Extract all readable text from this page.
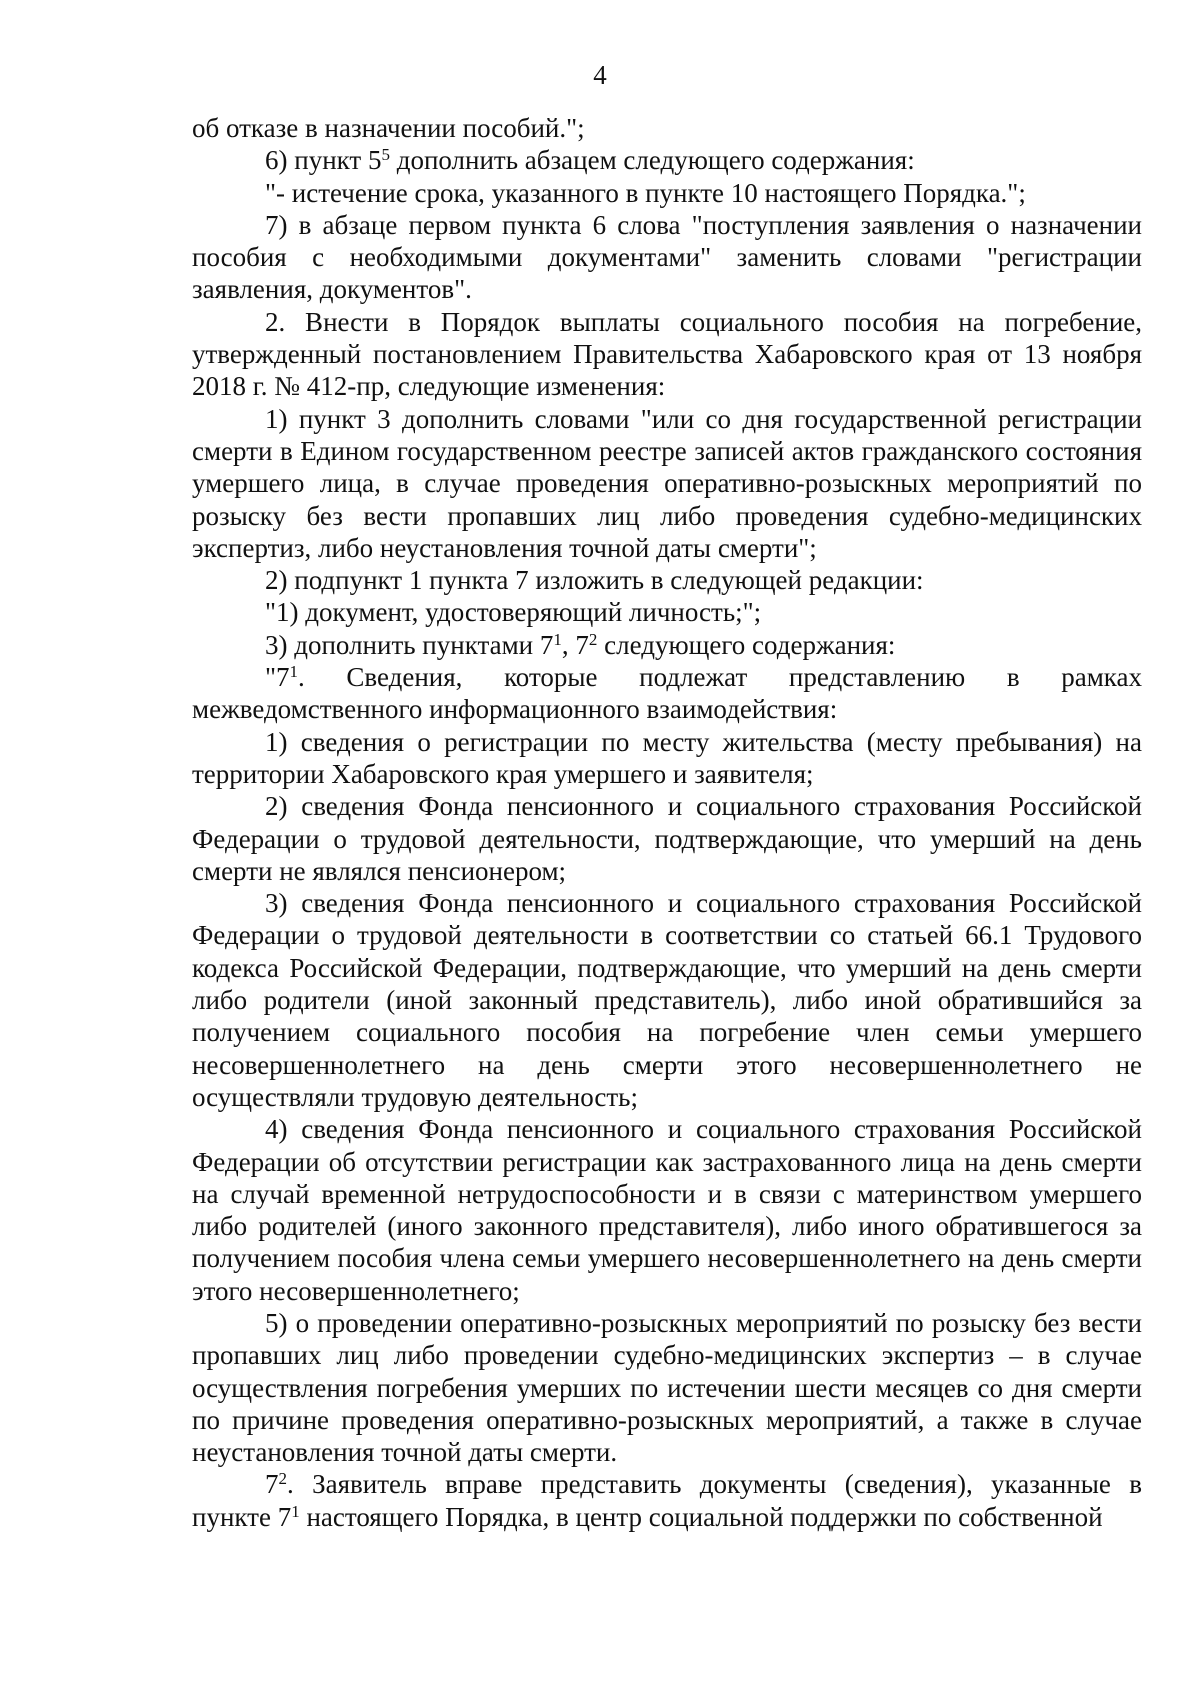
4

об отказе в назначении пособий.";

6) пункт $5^5$ дополнить абзацем следующего содержания:

"- истечение срока, указанного в пункте 10 настоящего Порядка.";

7) в абзаце первом пункта 6 слова "поступления заявления о назначении пособия с необходимыми документами" заменить словами "регистрации заявления, документов".

2. Внести в Порядок выплаты социального пособия на погребение, утвержденный постановлением Правительства Хабаровского края от 13 ноября 2018 г. № 412-пр, следующие изменения:

1) пункт 3 дополнить словами "или со дня государственной регистрации смерти в Едином государственном реестре записей актов гражданского состояния умершего лица, в случае проведения оперативно-розыскных мероприятий по розыску без вести пропавших лиц либо проведения судебно-медицинских экспертиз, либо неустановления точной даты смерти";

2) подпункт 1 пункта 7 изложить в следующей редакции:

"1) документ, удостоверяющий личность;";

3) дополнить пунктами $7^1$, $7^2$ следующего содержания:

"$7^1$. Сведения, которые подлежат представлению в рамках межведомственного информационного взаимодействия:

1) сведения о регистрации по месту жительства (месту пребывания) на территории Хабаровского края умершего и заявителя;

2) сведения Фонда пенсионного и социального страхования Российской Федерации о трудовой деятельности, подтверждающие, что умерший на день смерти не являлся пенсионером;

3) сведения Фонда пенсионного и социального страхования Российской Федерации о трудовой деятельности в соответствии со статьей 66.1 Трудового кодекса Российской Федерации, подтверждающие, что умерший на день смерти либо родители (иной законный представитель), либо иной обратившийся за получением социального пособия на погребение член семьи умершего несовершеннолетнего на день смерти этого несовершеннолетнего не осуществляли трудовую деятельность;

4) сведения Фонда пенсионного и социального страхования Российской Федерации об отсутствии регистрации как застрахованного лица на день смерти на случай временной нетрудоспособности и в связи с материнством умершего либо родителей (иного законного представителя), либо иного обратившегося за получением пособия члена семьи умершего несовершеннолетнего на день смерти этого несовершеннолетнего;

5) о проведении оперативно-розыскных мероприятий по розыску без вести пропавших лиц либо проведении судебно-медицинских экспертиз – в случае осуществления погребения умерших по истечении шести месяцев со дня смерти по причине проведения оперативно-розыскных мероприятий, а также в случае неустановления точной даты смерти.

$7^2$. Заявитель вправе представить документы (сведения), указанные в пункте $7^1$ настоящего Порядка, в центр социальной поддержки по собственной
